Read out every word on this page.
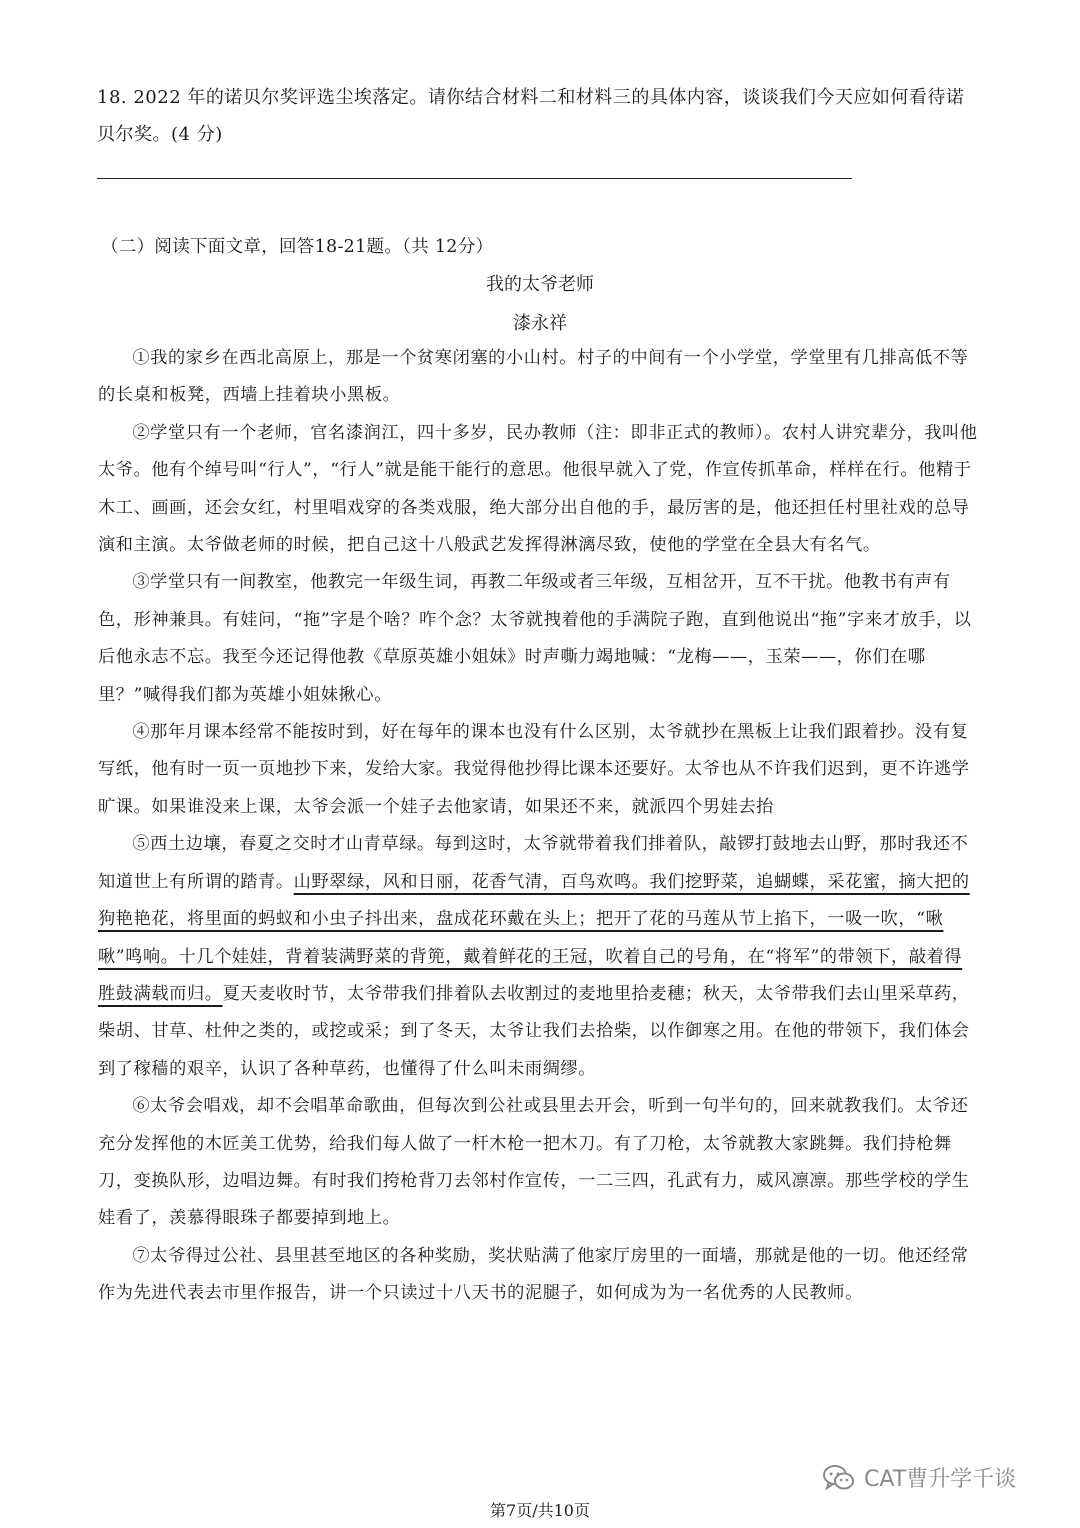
18. 2022 年的诺贝尔奖评选尘埃落定。请你结合材料二和材料三的具体内容，谈谈我们今天应如何看待诺贝尔奖。(4 分)
（二）阅读下面文章，回答18-21题。（共 12分）
我的太爷老师
漆永祥

①我的家乡在西北高原上，那是一个贫寒闭塞的小山村。村子的中间有一个小学堂，学堂里有几排高低不等的长桌和板凳，西墙上挂着块小黑板。

②学堂只有一个老师，官名漆润江，四十多岁，民办教师（注：即非正式的教师）。农村人讲究辈分，我叫他太爷。他有个绰号叫“行人”，“行人”就是能干能行的意思。他很早就入了党，作宣传抓革命，样样在行。他精于木工、画画，还会女红，村里唱戏穿的各类戏服，绝大部分出自他的手，最厉害的是，他还担任村里社戏的总导演和主演。太爷做老师的时候，把自己这十八般武艺发挥得淋漓尽致，使他的学堂在全县大有名气。

③学堂只有一间教室，他教完一年级生词，再教二年级或者三年级，互相岔开，互不干扰。他教书有声有色，形神兼具。有娃问，“拖”字是个啥？咋个念？太爷就拽着他的手满院子跑，直到他说出“拖”字来才放手，以后他永志不忘。我至今还记得他教《草原英雄小姐妹》时声嘶力竭地喊：“龙梅——，玉荣——，你们在哪里？”喊得我们都为英雄小姐妹揪心。

④那年月课本经常不能按时到，好在每年的课本也没有什么区别，太爷就抄在黑板上让我们跟着抄。没有复写纸，他有时一页一页地抄下来，发给大家。我觉得他抄得比课本还要好。太爷也从不许我们迟到，更不许逃学旷课。如果谁没来上课，太爷会派一个娃子去他家请，如果还不来，就派四个男娃去抬

⑤西土边壤，春夏之交时才山青草绿。每到这时，太爷就带着我们排着队，敲锣打鼓地去山野，那时我还不知道世上有所谓的踏青。山野翠绿，风和日丽，花香气清，百鸟欢鸣。我们挖野菜，追蝴蝶，采花蜜，摘大把的狗艳艳花，将里面的蚂蚁和小虫子抖出来，盘成花环戴在头上；把开了花的马莲从节上掐下，一吸一吹，“啾啾”鸣响。十几个娃娃，背着装满野菜的背篼，戴着鲜花的王冠，吹着自己的号角，在“将军”的带领下，敲着得胜鼓满载而归。夏天麦收时节，太爷带我们排着队去收割过的麦地里拾麦穗；秋天，太爷带我们去山里采草药，柴胡、甘草、杜仲之类的，或挖或采；到了冬天，太爷让我们去拾柴，以作御寒之用。在他的带领下，我们体会到了稼穑的艰辛，认识了各种草药，也懂得了什么叫未雨绸缪。

⑥太爷会唱戏，却不会唱革命歌曲，但每次到公社或县里去开会，听到一句半句的，回来就教我们。太爷还充分发挥他的木匠美工优势，给我们每人做了一杆木枪一把木刀。有了刀枪，太爷就教大家跳舞。我们持枪舞刀，变换队形，边唱边舞。有时我们挎枪背刀去邻村作宣传，一二三四，孔武有力，威风凛凛。那些学校的学生娃看了，羡慕得眼珠子都要掉到地上。

⑦太爷得过公社、县里甚至地区的各种奖励，奖状贴满了他家厅房里的一面墙，那就是他的一切。他还经常作为先进代表去市里作报告，讲一个只读过十八天书的泥腿子，如何成为为一名优秀的人民教师。

CAT曹升学千谈
第7页/共10页
